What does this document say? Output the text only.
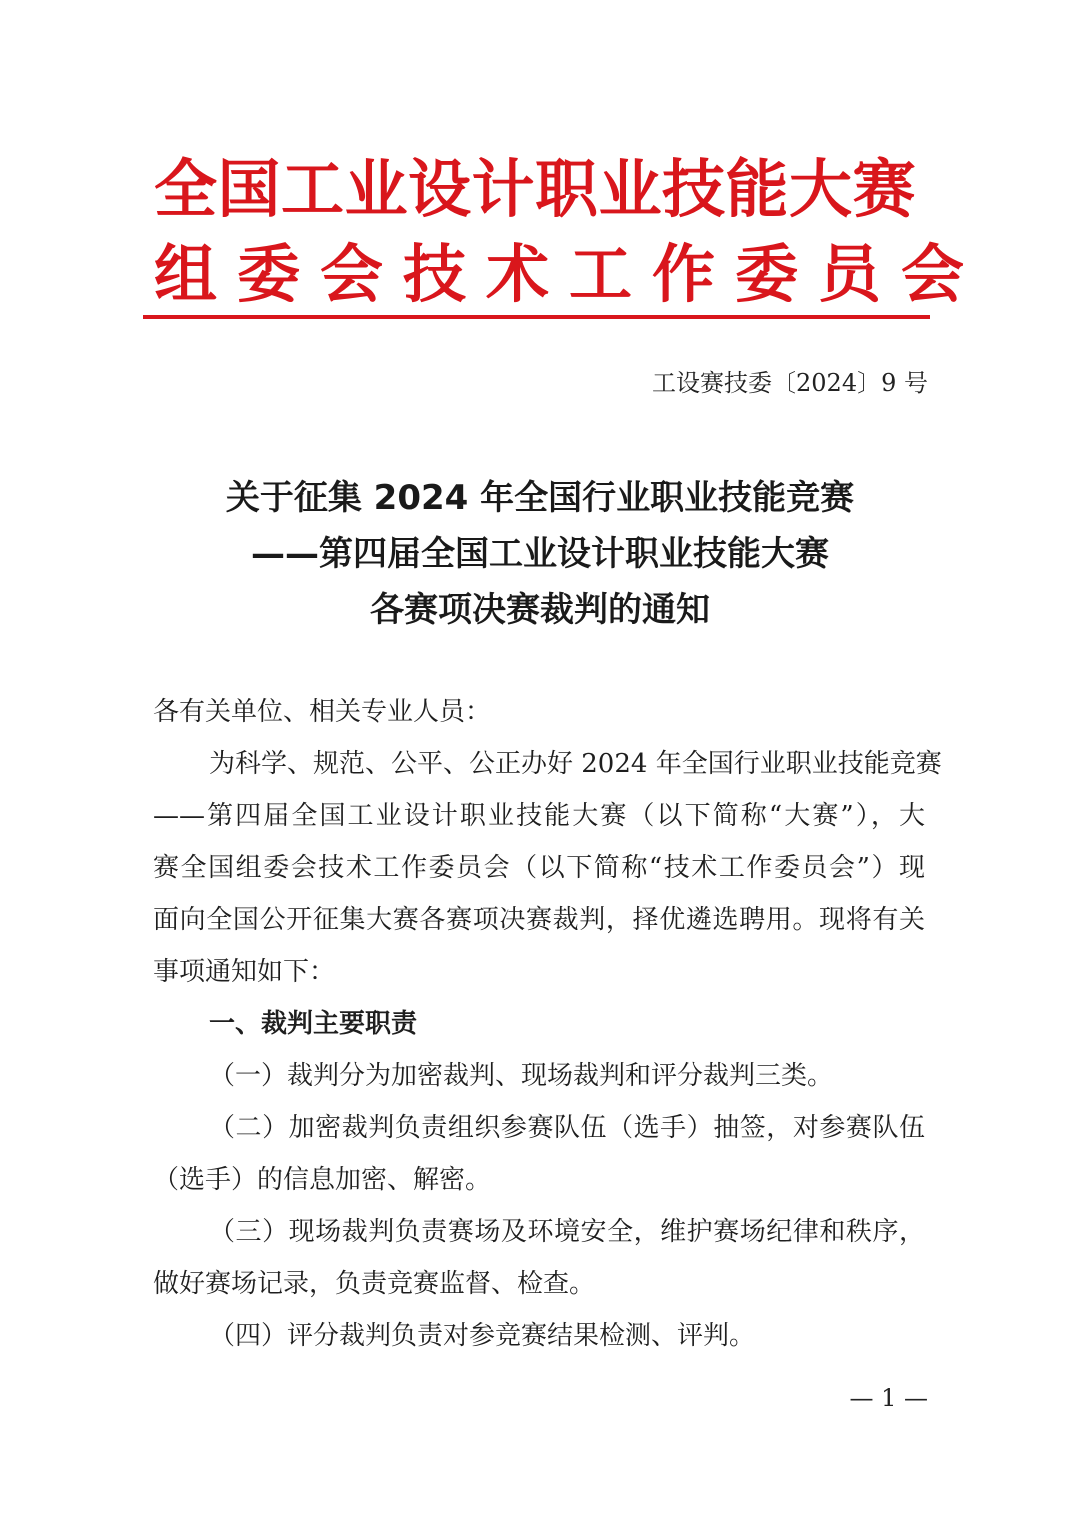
全国工业设计职业技能大赛
组委会技术工作委员会
工设赛技委〔2024〕9 号
关于征集 2024 年全国行业职业技能竞赛
——第四届全国工业设计职业技能大赛
各赛项决赛裁判的通知
各有关单位、相关专业人员：
为科学、规范、公平、公正办好 2024 年全国行业职业技能竞赛
——第四届全国工业设计职业技能大赛（以下简称“大赛”），大
赛全国组委会技术工作委员会（以下简称“技术工作委员会”）现
面向全国公开征集大赛各赛项决赛裁判，择优遴选聘用。现将有关
事项通知如下：
一、裁判主要职责
（一）裁判分为加密裁判、现场裁判和评分裁判三类。
（二）加密裁判负责组织参赛队伍（选手）抽签，对参赛队伍
（选手）的信息加密、解密。
（三）现场裁判负责赛场及环境安全，维护赛场纪律和秩序，
做好赛场记录，负责竞赛监督、检查。
（四）评分裁判负责对参竞赛结果检测、评判。
— 1 —
